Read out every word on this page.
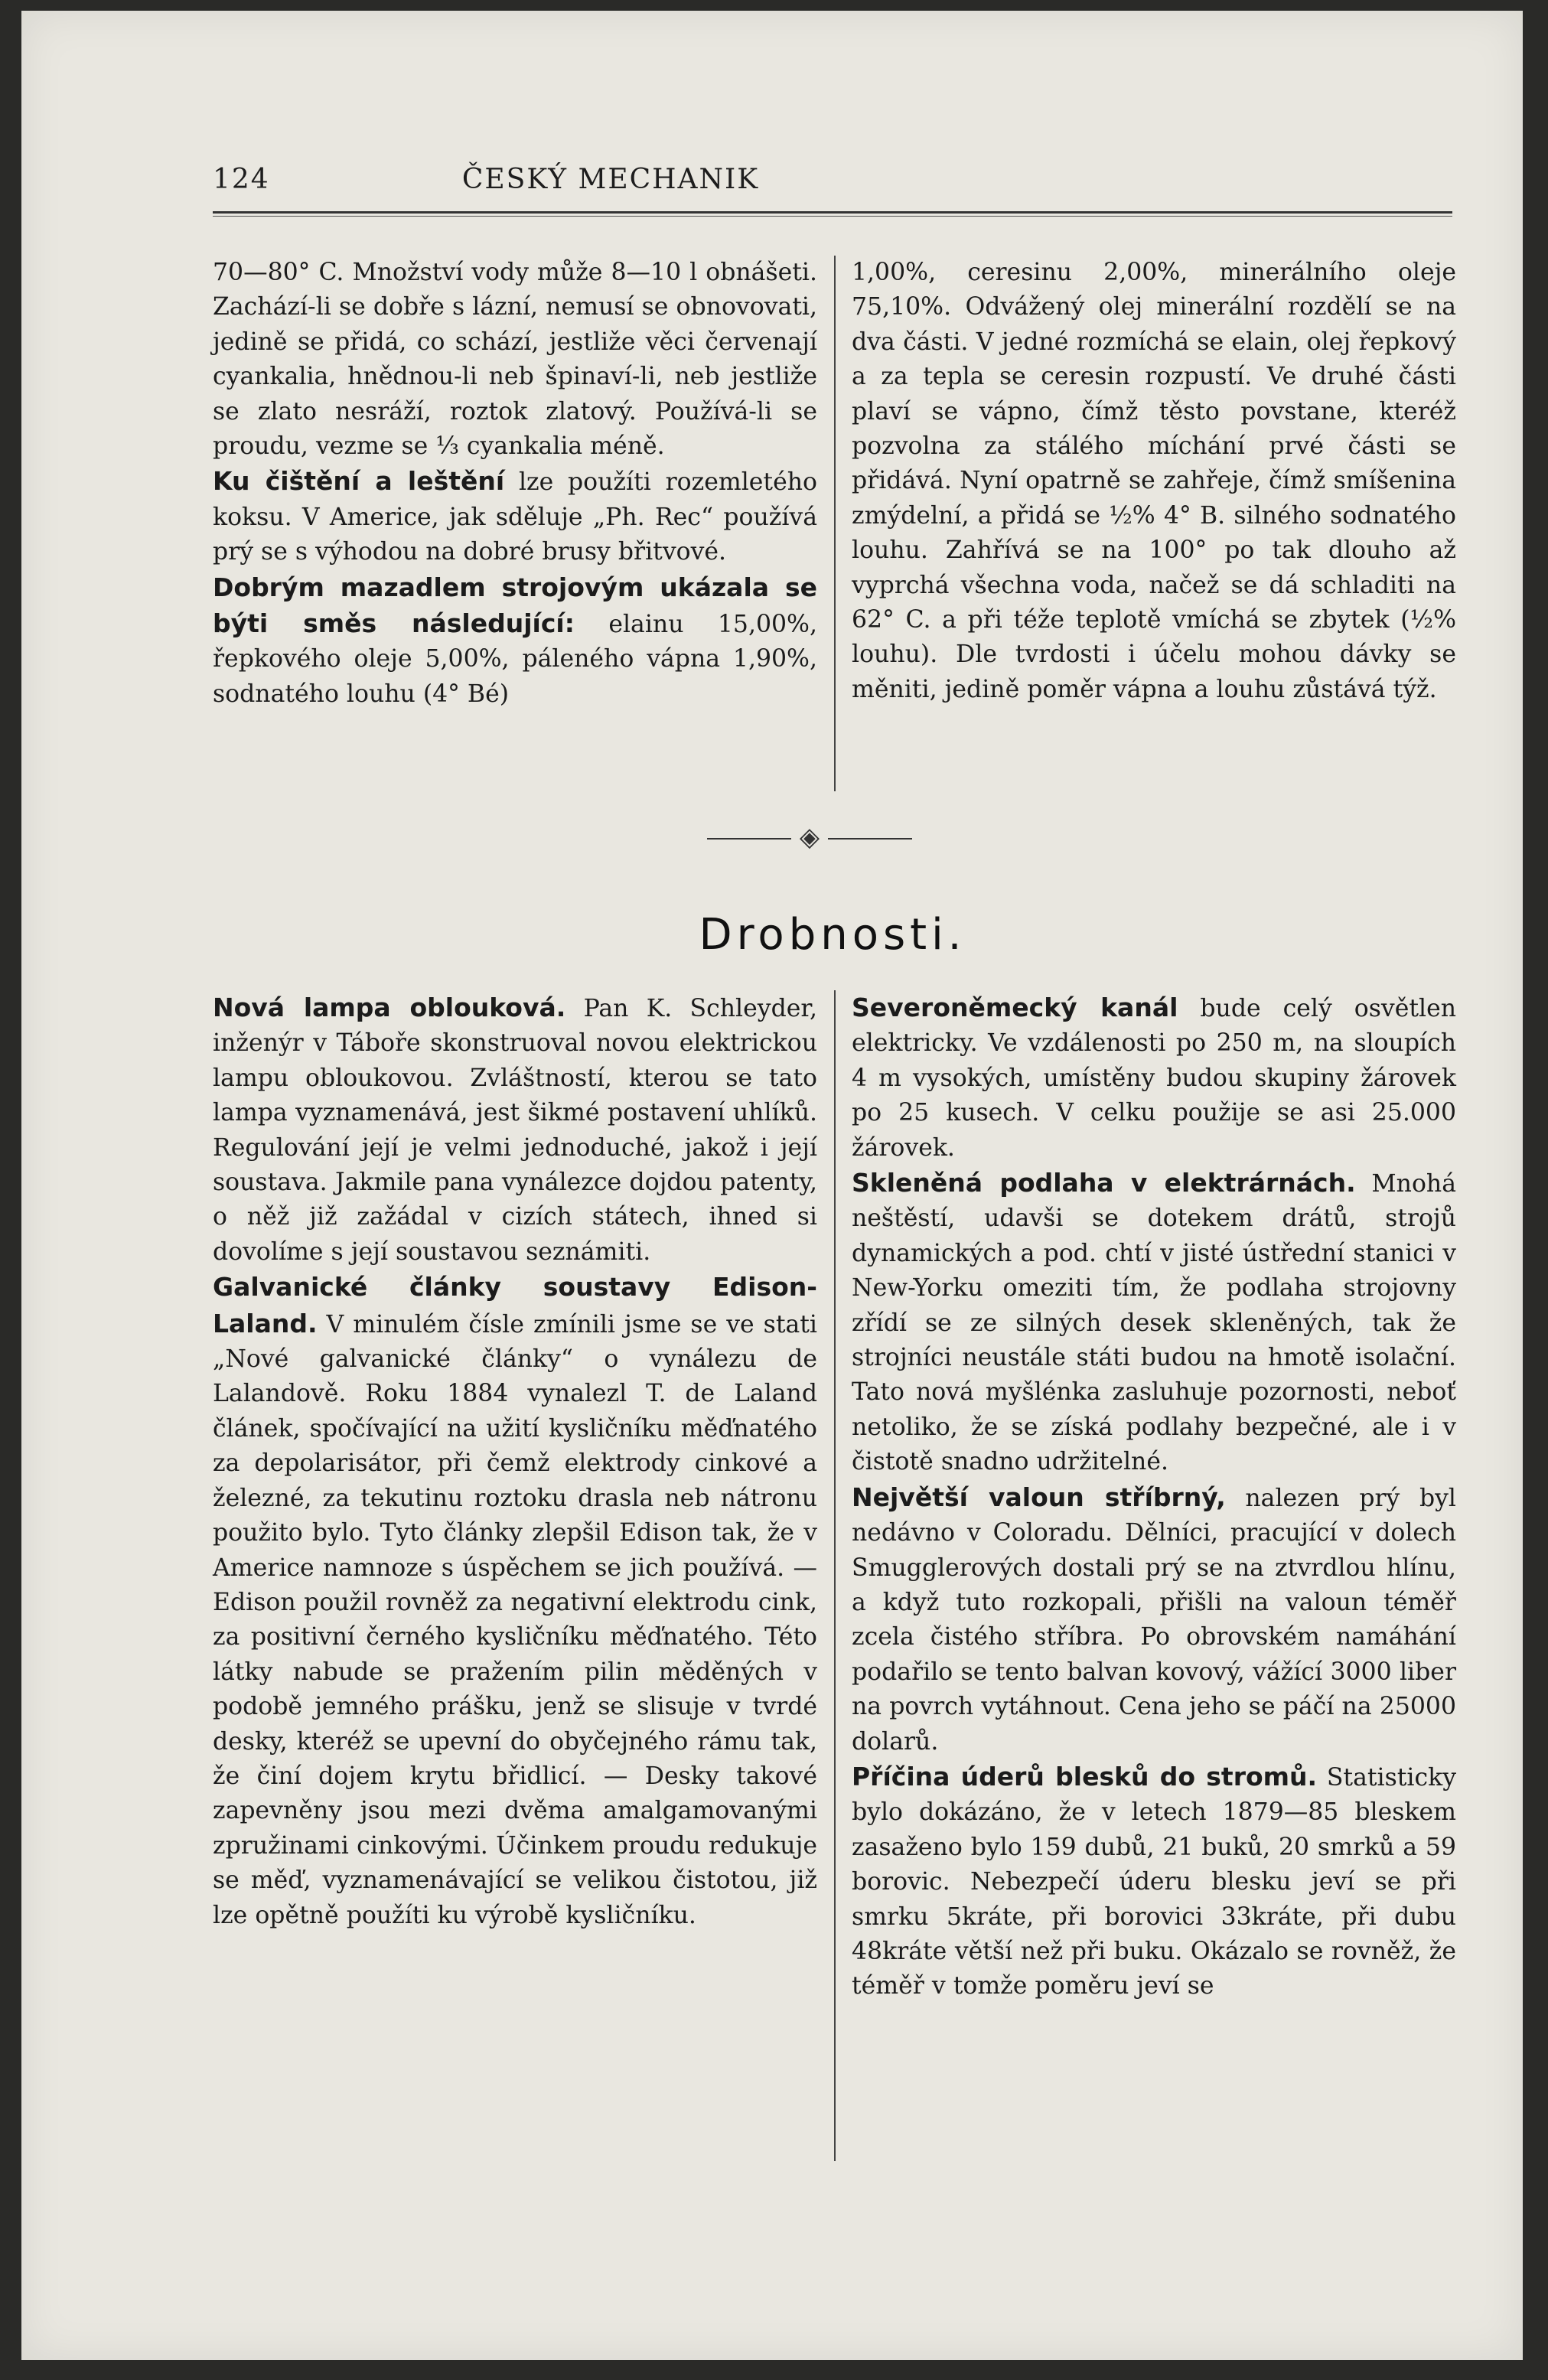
124	ČESKÝ MECHANIK

70—80° C. Množství vody může 8—10 l obnášeti. Zachází-li se dobře s lázní, nemusí se obnovovati, jedině se přidá, co schází, jestliže věci červenají cyankalia, hnědnou-li neb špinaví-li, neb jestliže se zlato nesráží, roztok zlatový. Používá-li se proudu, vezme se ⅓ cyankalia méně.

Ku čištění a leštění lze použíti rozemletého koksu. V Americe, jak sděluje „Ph. Rec“ používá prý se s výhodou na dobré brusy břitvové.

Dobrým mazadlem strojovým ukázala se býti směs následující: elainu 15,00%, řepkového oleje 5,00%, páleného vápna 1,90%, sodnatého louhu (4° Bé)

1,00%, ceresinu 2,00%, minerálního oleje 75,10%. Odvážený olej minerální rozdělí se na dva části. V jedné rozmíchá se elain, olej řepkový a za tepla se ceresin rozpustí. Ve druhé části plaví se vápno, čímž těsto povstane, kteréž pozvolna za stálého míchání prvé části se přidává. Nyní opatrně se zahřeje, čímž smíšenina zmýdelní, a přidá se ½% 4° B. silného sodnatého louhu. Zahřívá se na 100° po tak dlouho až vyprchá všechna voda, načež se dá schladiti na 62° C. a při téže teplotě vmíchá se zbytek (½% louhu). Dle tvrdosti i účelu mohou dávky se měniti, jedině poměr vápna a louhu zůstává týž.

◈
Drobnosti.

Nová lampa oblouková. Pan K. Schleyder, inženýr v Táboře skonstruoval novou elektrickou lampu obloukovou. Zvláštností, kterou se tato lampa vyznamenává, jest šikmé postavení uhlíků. Regulování její je velmi jednoduché, jakož i její soustava. Jakmile pana vynálezce dojdou patenty, o něž již zažádal v cizích státech, ihned si dovolíme s její soustavou seznámiti.

Galvanické články soustavy Edison-Laland. V minulém čísle zmínili jsme se ve stati „Nové galvanické články“ o vynálezu de Lalandově. Roku 1884 vynalezl T. de Laland článek, spočívající na užití kysličníku měďnatého za depolarisátor, při čemž elektrody cinkové a železné, za tekutinu roztoku drasla neb nátronu použito bylo. Tyto články zlepšil Edison tak, že v Americe namnoze s úspěchem se jich používá. — Edison použil rovněž za negativní elektrodu cink, za positivní černého kysličníku měďnatého. Této látky nabude se pražením pilin měděných v podobě jemného prášku, jenž se slisuje v tvrdé desky, kteréž se upevní do obyčejného rámu tak, že činí dojem krytu břidlicí. — Desky takové zapevněny jsou mezi dvěma amalgamovanými zpružinami cinkovými. Účinkem proudu redukuje se měď, vyznamenávající se velikou čistotou, již lze opětně použíti ku výrobě kysličníku.

Severoněmecký kanál bude celý osvětlen elektricky. Ve vzdálenosti po 250 m, na sloupích 4 m vysokých, umístěny budou skupiny žárovek po 25 kusech. V celku použije se asi 25.000 žárovek.

Skleněná podlaha v elektrárnách. Mnohá neštěstí, udavši se dotekem drátů, strojů dynamických a pod. chtí v jisté ústřední stanici v New-Yorku omeziti tím, že podlaha strojovny zřídí se ze silných desek skleněných, tak že strojníci neustále státi budou na hmotě isolační. Tato nová myšlénka zasluhuje pozornosti, neboť netoliko, že se získá podlahy bezpečné, ale i v čistotě snadno udržitelné.

Největší valoun stříbrný, nalezen prý byl nedávno v Coloradu. Dělníci, pracující v dolech Smugglerových dostali prý se na ztvrdlou hlínu, a když tuto rozkopali, přišli na valoun téměř zcela čistého stříbra. Po obrovském namáhání podařilo se tento balvan kovový, vážící 3000 liber na povrch vytáhnout. Cena jeho se páčí na 25000 dolarů.

Příčina úderů blesků do stromů. Statisticky bylo dokázáno, že v letech 1879—85 bleskem zasaženo bylo 159 dubů, 21 buků, 20 smrků a 59 borovic. Nebezpečí úderu blesku jeví se při smrku 5kráte, při borovici 33kráte, při dubu 48kráte větší než při buku. Okázalo se rovněž, že téměř v tomže poměru jeví se
